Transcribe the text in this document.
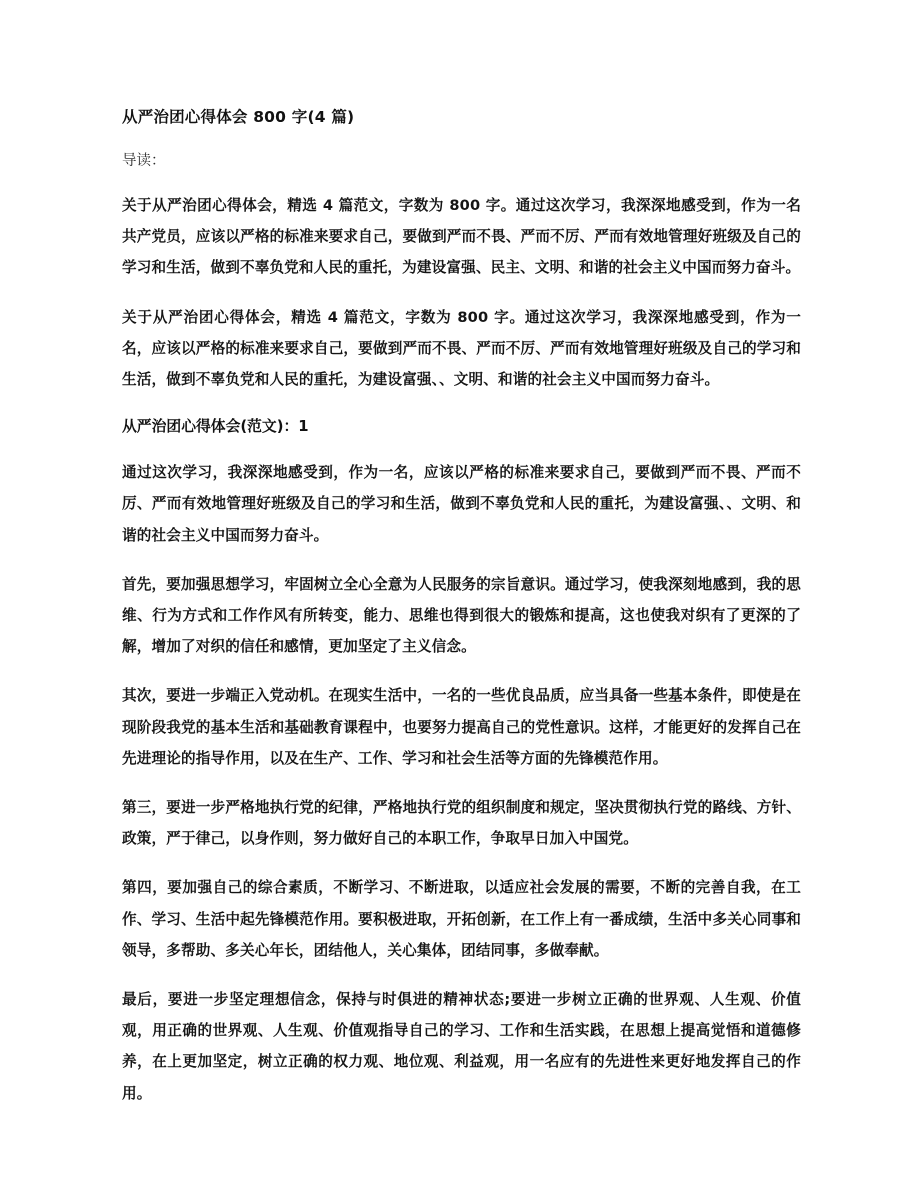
从严治团心得体会 800 字(4 篇)
导读：

关于从严治团心得体会，精选 4 篇范文，字数为 800 字。通过这次学习，我深深地感受到，作为一名共产党员，应该以严格的标准来要求自己，要做到严而不畏、严而不厉、严而有效地管理好班级及自己的学习和生活，做到不辜负党和人民的重托，为建设富强、民主、文明、和谐的社会主义中国而努力奋斗。

关于从严治团心得体会，精选 4 篇范文，字数为 800 字。通过这次学习，我深深地感受到，作为一名，应该以严格的标准来要求自己，要做到严而不畏、严而不厉、严而有效地管理好班级及自己的学习和生活，做到不辜负党和人民的重托，为建设富强、、文明、和谐的社会主义中国而努力奋斗。

从严治团心得体会(范文)：1

通过这次学习，我深深地感受到，作为一名，应该以严格的标准来要求自己，要做到严而不畏、严而不厉、严而有效地管理好班级及自己的学习和生活，做到不辜负党和人民的重托，为建设富强、、文明、和谐的社会主义中国而努力奋斗。

首先，要加强思想学习，牢固树立全心全意为人民服务的宗旨意识。通过学习，使我深刻地感到，我的思维、行为方式和工作作风有所转变，能力、思维也得到很大的锻炼和提高，这也使我对织有了更深的了解，增加了对织的信任和感情，更加坚定了主义信念。

其次，要进一步端正入党动机。在现实生活中，一名的一些优良品质，应当具备一些基本条件，即使是在现阶段我党的基本生活和基础教育课程中，也要努力提高自己的党性意识。这样，才能更好的发挥自己在先进理论的指导作用，以及在生产、工作、学习和社会生活等方面的先锋模范作用。

第三，要进一步严格地执行党的纪律，严格地执行党的组织制度和规定，坚决贯彻执行党的路线、方针、政策，严于律己，以身作则，努力做好自己的本职工作，争取早日加入中国党。

第四，要加强自己的综合素质，不断学习、不断进取，以适应社会发展的需要，不断的完善自我，在工作、学习、生活中起先锋模范作用。要积极进取，开拓创新，在工作上有一番成绩，生活中多关心同事和领导，多帮助、多关心年长，团结他人，关心集体，团结同事，多做奉献。

最后，要进一步坚定理想信念，保持与时俱进的精神状态;要进一步树立正确的世界观、人生观、价值观，用正确的世界观、人生观、价值观指导自己的学习、工作和生活实践，在思想上提高觉悟和道德修养，在上更加坚定，树立正确的权力观、地位观、利益观，用一名应有的先进性来更好地发挥自己的作用。
